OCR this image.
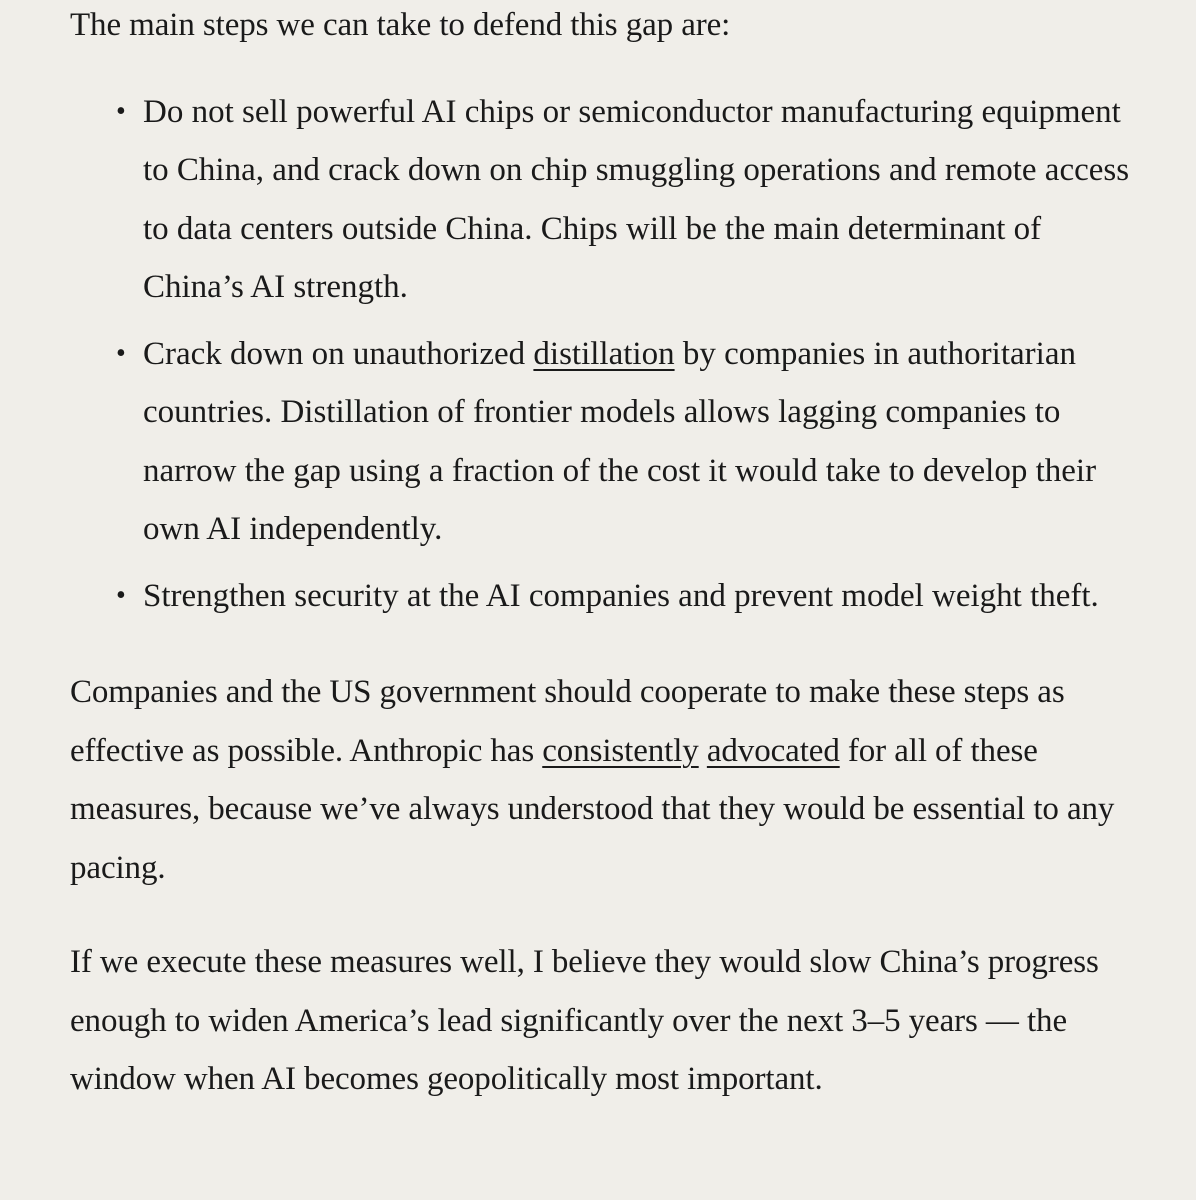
The main steps we can take to defend this gap are:

• Do not sell powerful AI chips or semiconductor manufacturing equipment to China, and crack down on chip smuggling operations and remote access to data centers outside China. Chips will be the main determinant of China’s AI strength.
• Crack down on unauthorized distillation by companies in authoritarian countries. Distillation of frontier models allows lagging companies to narrow the gap using a fraction of the cost it would take to develop their own AI independently.
• Strengthen security at the AI companies and prevent model weight theft.

Companies and the US government should cooperate to make these steps as effective as possible. Anthropic has consistently advocated for all of these measures, because we’ve always understood that they would be essential to any pacing.

If we execute these measures well, I believe they would slow China’s progress enough to widen America’s lead significantly over the next 3–5 years — the window when AI becomes geopolitically most important.
